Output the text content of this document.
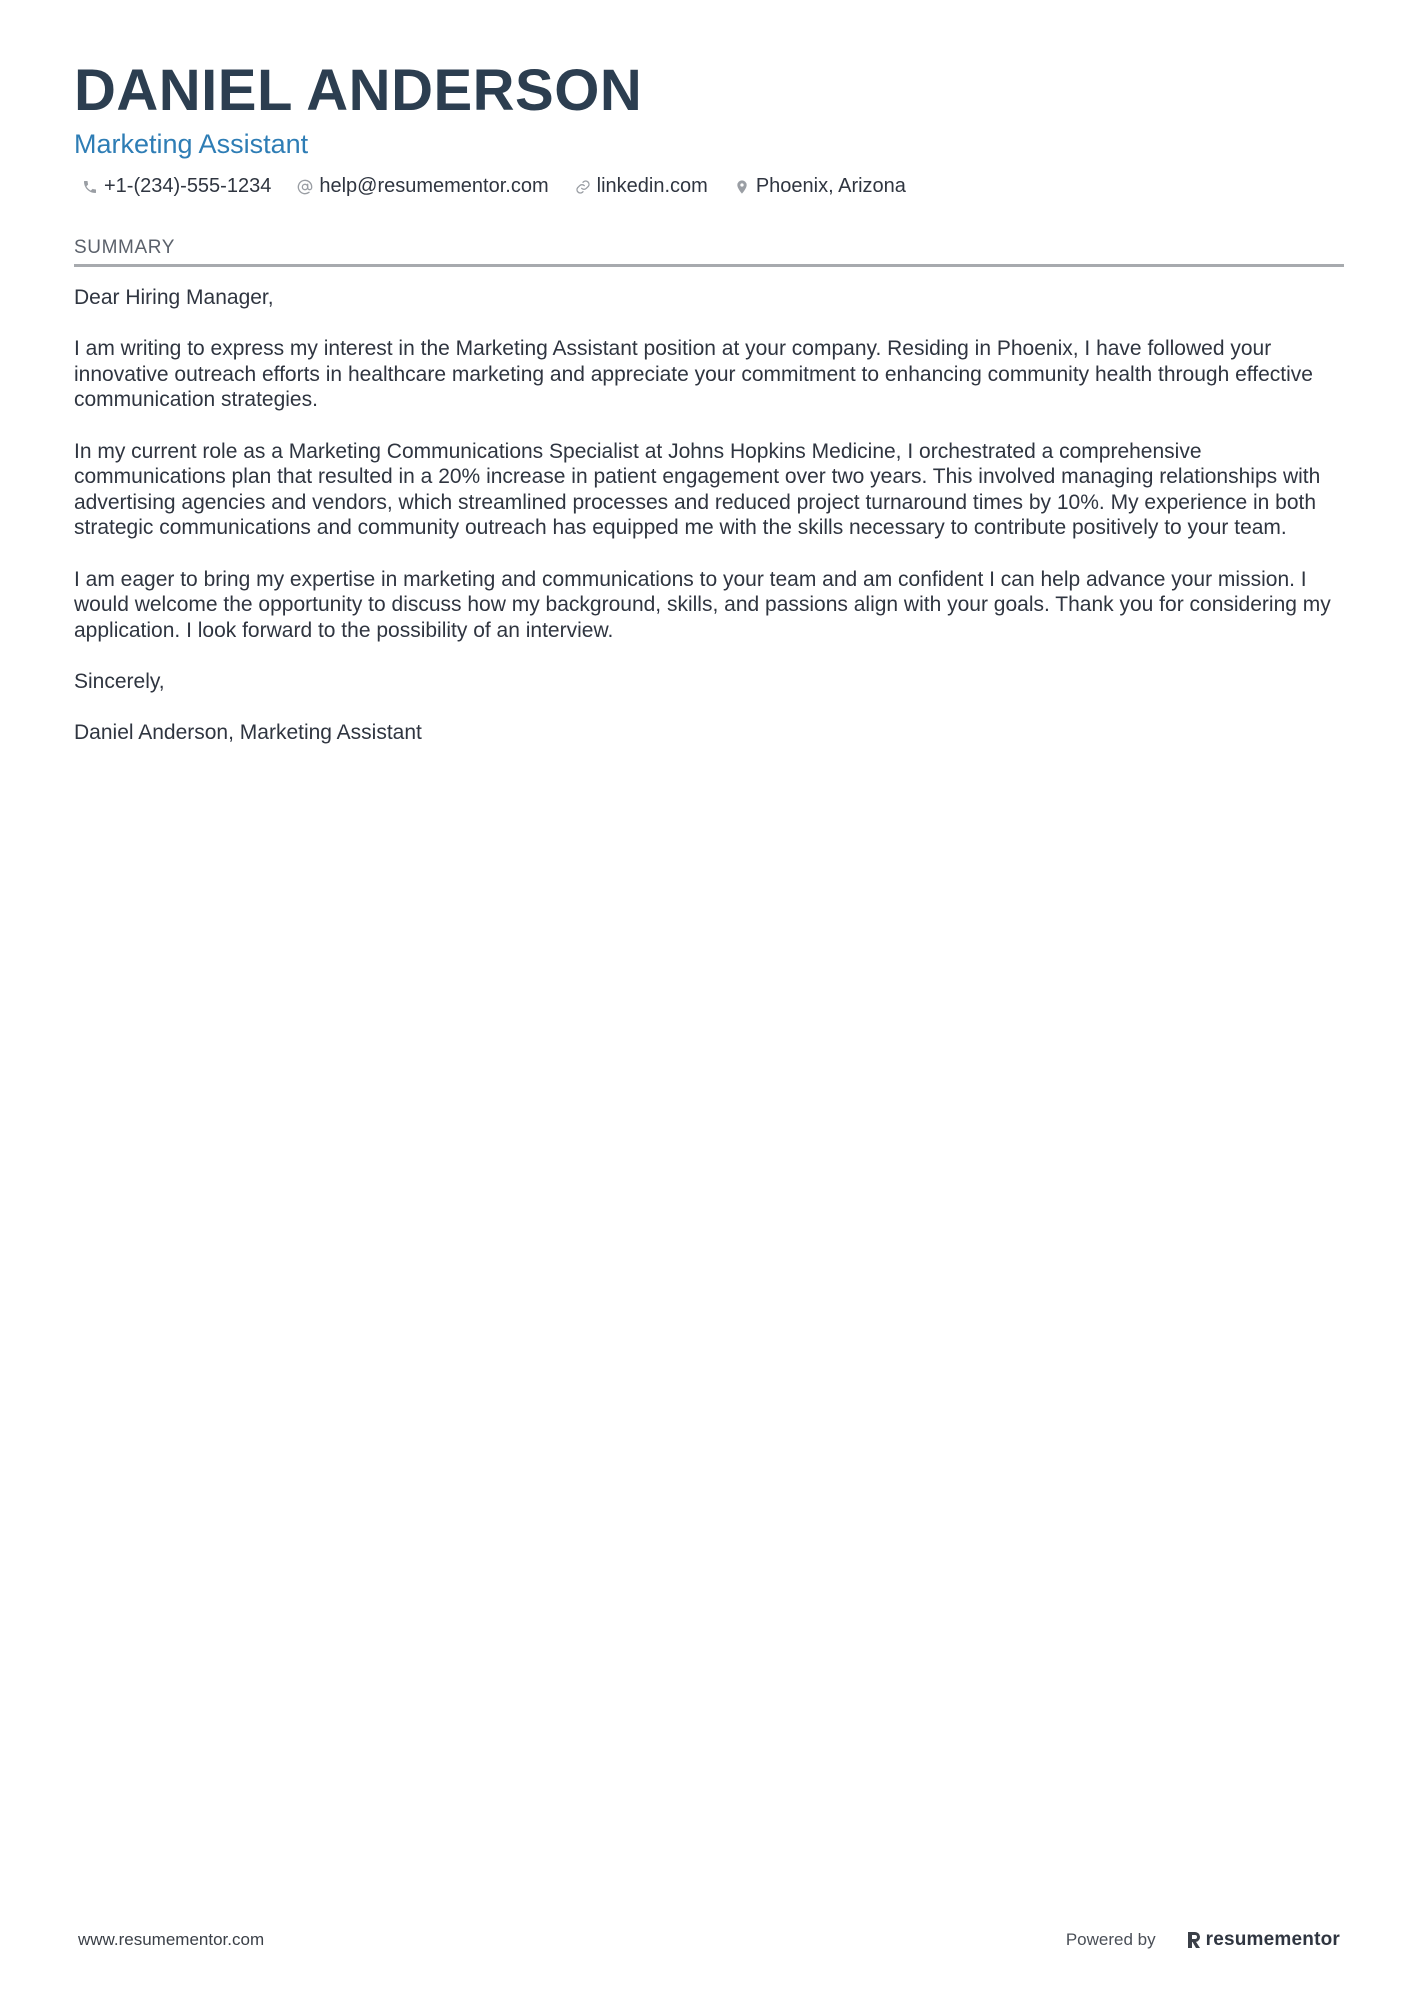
DANIEL ANDERSON
Marketing Assistant
+1-(234)-555-1234 help@resumementor.com linkedin.com Phoenix, Arizona
SUMMARY

Dear Hiring Manager,

I am writing to express my interest in the Marketing Assistant position at your company. Residing in Phoenix, I have followed your innovative outreach efforts in healthcare marketing and appreciate your commitment to enhancing community health through effective communication strategies.

In my current role as a Marketing Communications Specialist at Johns Hopkins Medicine, I orchestrated a comprehensive communications plan that resulted in a 20% increase in patient engagement over two years. This involved managing relationships with advertising agencies and vendors, which streamlined processes and reduced project turnaround times by 10%. My experience in both strategic communications and community outreach has equipped me with the skills necessary to contribute positively to your team.

I am eager to bring my expertise in marketing and communications to your team and am confident I can help advance your mission. I would welcome the opportunity to discuss how my background, skills, and passions align with your goals. Thank you for considering my application. I look forward to the possibility of an interview.

Sincerely,

Daniel Anderson, Marketing Assistant

www.resumementor.com	Powered by	resumementor
